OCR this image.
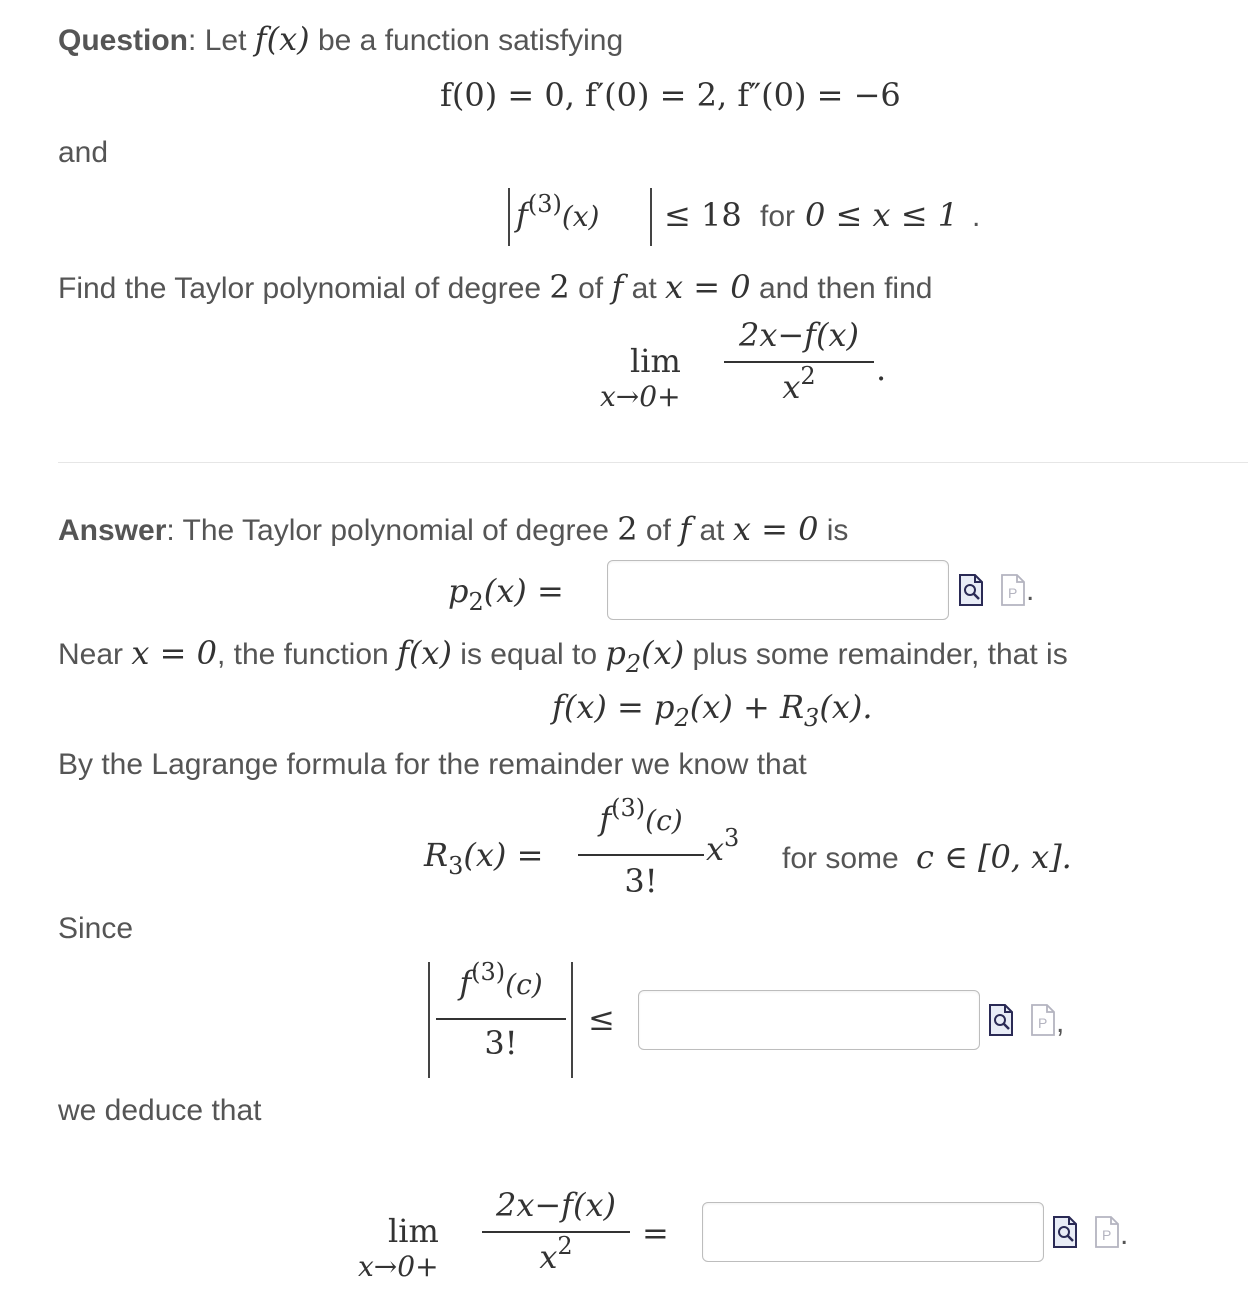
Question: Let f(x) be a function satisfying
f(0) = 0, f′(0) = 2, f″(0) = −6
and
$f^{(3)}(x) \le 18$ for 0 ≤ x ≤ 1 .
Find the Taylor polynomial of degree 2 of f at x = 0 and then find
lim
x→0+
2x−f(x)
$x^2$	.
Answer: The Taylor polynomial of degree 2 of f at x = 0 is
$p_2(x)$ =	P .
Near x = 0, the function f(x) is equal to $p_2(x)$ plus some remainder, that is
$f(x) = p_2(x) + R_3(x)$.
By the Lagrange formula for the remainder we know that
$R_3(x)$ =
$f^{(3)}(c)$
3!
$x^3$
for some c ∈ [0, x].
Since
$f^{(3)}(c)$
3!
≤	P ,
we deduce that
lim
x→0+
2x−f(x)
$x^2$	=	P .
